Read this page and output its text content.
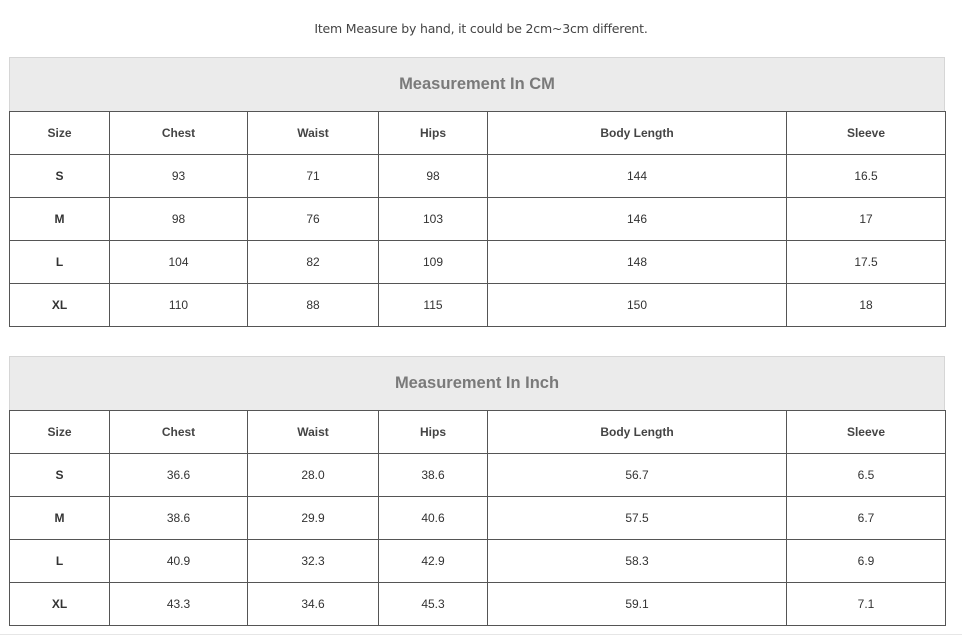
Item Measure by hand, it could be 2cm~3cm different.
Measurement In CM
Size	Chest	Waist	Hips	Body Length	Sleeve
S	93	71	98	144	16.5
M	98	76	103	146	17
L	104	82	109	148	17.5
XL	110	88	115	150	18
Measurement In Inch
Size	Chest	Waist	Hips	Body Length	Sleeve
S	36.6	28.0	38.6	56.7	6.5
M	38.6	29.9	40.6	57.5	6.7
L	40.9	32.3	42.9	58.3	6.9
XL	43.3	34.6	45.3	59.1	7.1
